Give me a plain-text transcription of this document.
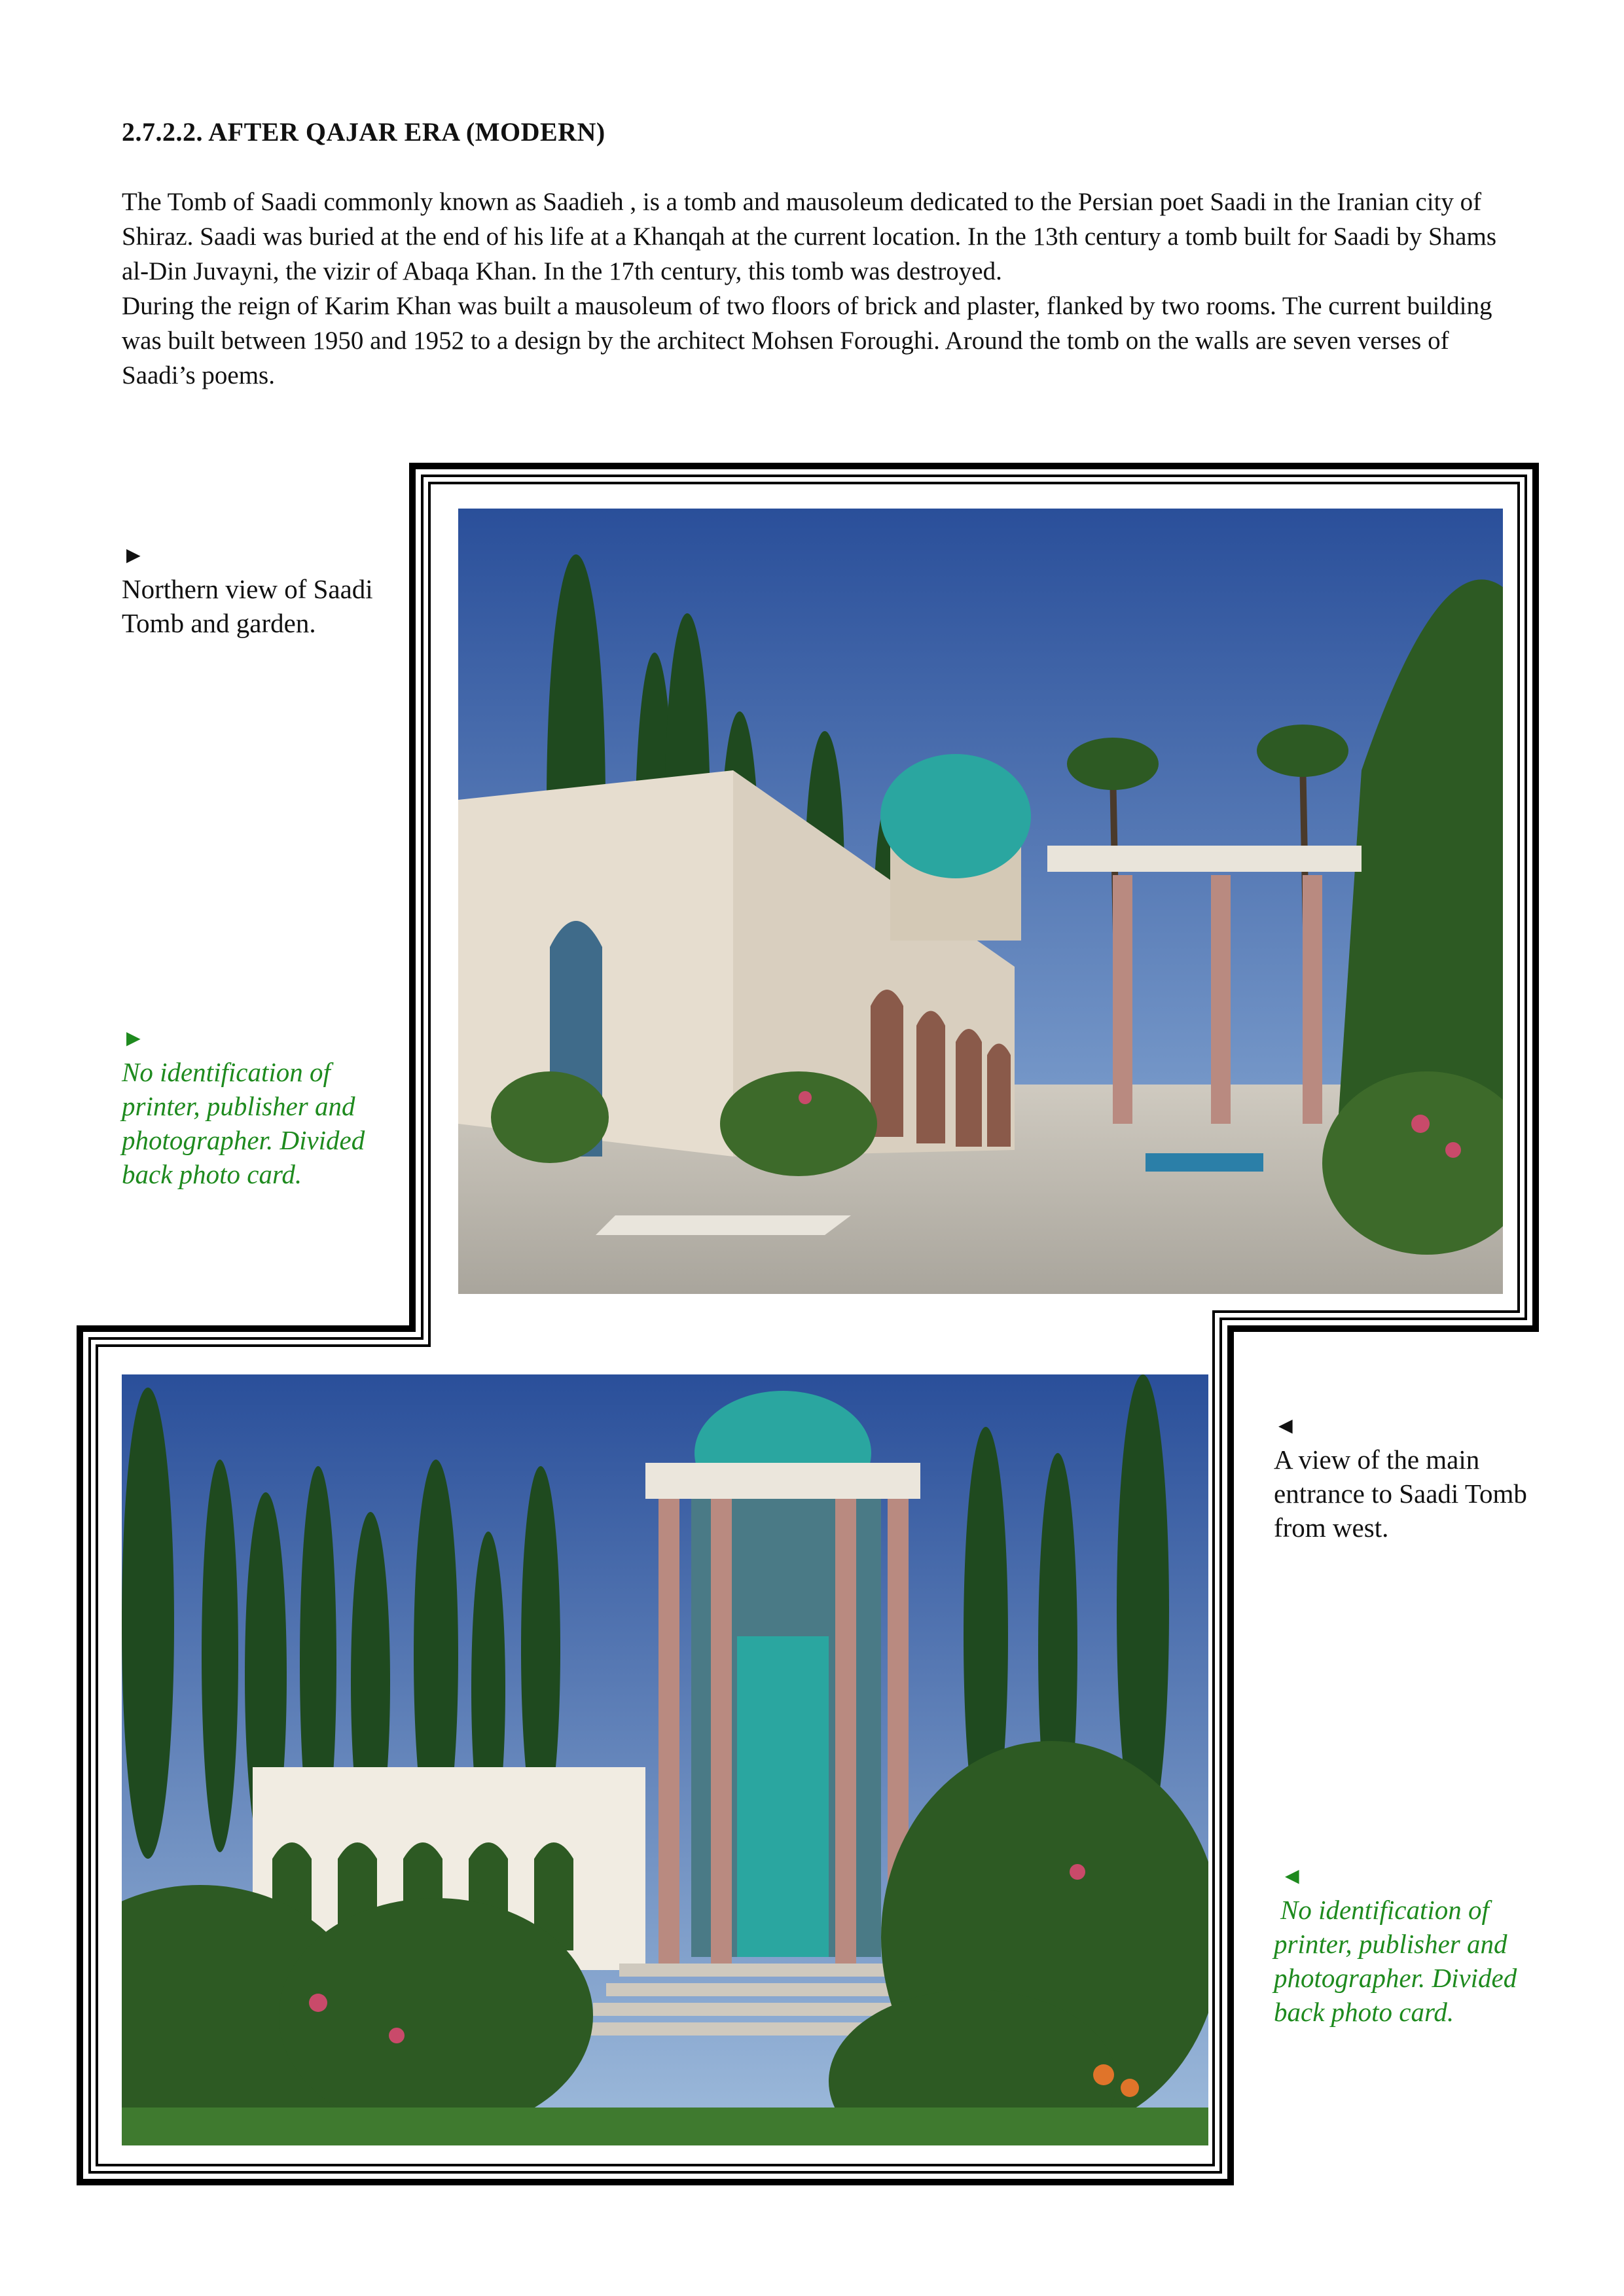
2.7.2.2. AFTER QAJAR ERA (MODERN)

The Tomb of Saadi commonly known as Saadieh , is a tomb and mausoleum dedicated to the Persian poet Saadi in the Iranian city of Shiraz. Saadi was buried at the end of his life at a Khanqah at the current location. In the 13th century a tomb built for Saadi by Shams al-Din Juvayni, the vizir of Abaqa Khan. In the 17th century, this tomb was destroyed.

During the reign of Karim Khan was built a mausoleum of two floors of brick and plaster, flanked by two rooms. The current building was built between 1950 and 1952 to a design by the architect Mohsen Foroughi. Around the tomb on the walls are seven verses of Saadi’s poems.

►
Northern view of Saadi Tomb and garden.
►
No identification of printer, publisher and photographer. Divided back photo card.
◄
A view of the main entrance to Saadi Tomb from west.
◄
No identification of printer, publisher and photographer. Divided back photo card.
